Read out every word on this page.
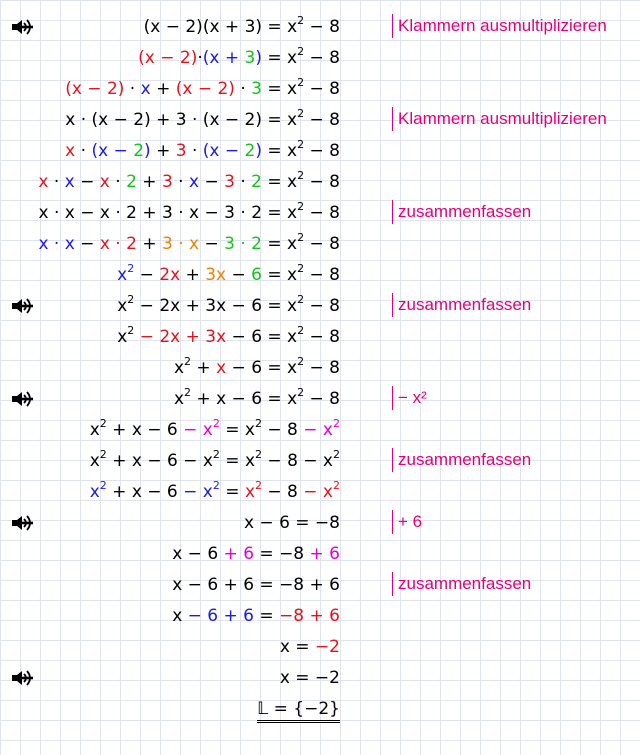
$(x - 2)(x + 3) = x^2 - 8$	Klammern ausmultiplizieren
$(x - 2)\cdot(x + 3) = x^2 - 8$
$(x - 2) \cdot x + (x - 2) \cdot 3 = x^2 - 8$
$x \cdot (x - 2) + 3 \cdot (x - 2) = x^2 - 8$	Klammern ausmultiplizieren
$x \cdot (x - 2) + 3 \cdot (x - 2) = x^2 - 8$
$x \cdot x - x \cdot 2 + 3 \cdot x - 3 \cdot 2 = x^2 - 8$
$x \cdot x - x \cdot 2 + 3 \cdot x - 3 \cdot 2 = x^2 - 8$	zusammenfassen
$x \cdot x - x \cdot 2 + 3 \cdot x - 3 \cdot 2 = x^2 - 8$
$x^2 - 2x + 3x - 6 = x^2 - 8$
$x^2 - 2x + 3x - 6 = x^2 - 8$	zusammenfassen
$x^2 - 2x + 3x - 6 = x^2 - 8$
$x^2 + x - 6 = x^2 - 8$
$x^2 + x - 6 = x^2 - 8$	− x²
$x^2 + x - 6 - x^2 = x^2 - 8 - x^2$
$x^2 + x - 6 - x^2 = x^2 - 8 - x^2$	zusammenfassen
$x^2 + x - 6 - x^2 = x^2 - 8 - x^2$
x − 6 = −8	+ 6
x − 6 + 6 = −8 + 6
x − 6 + 6 = −8 + 6	zusammenfassen
x − 6 + 6 = −8 + 6
x = −2
x = −2
𝕃 = {−2}
